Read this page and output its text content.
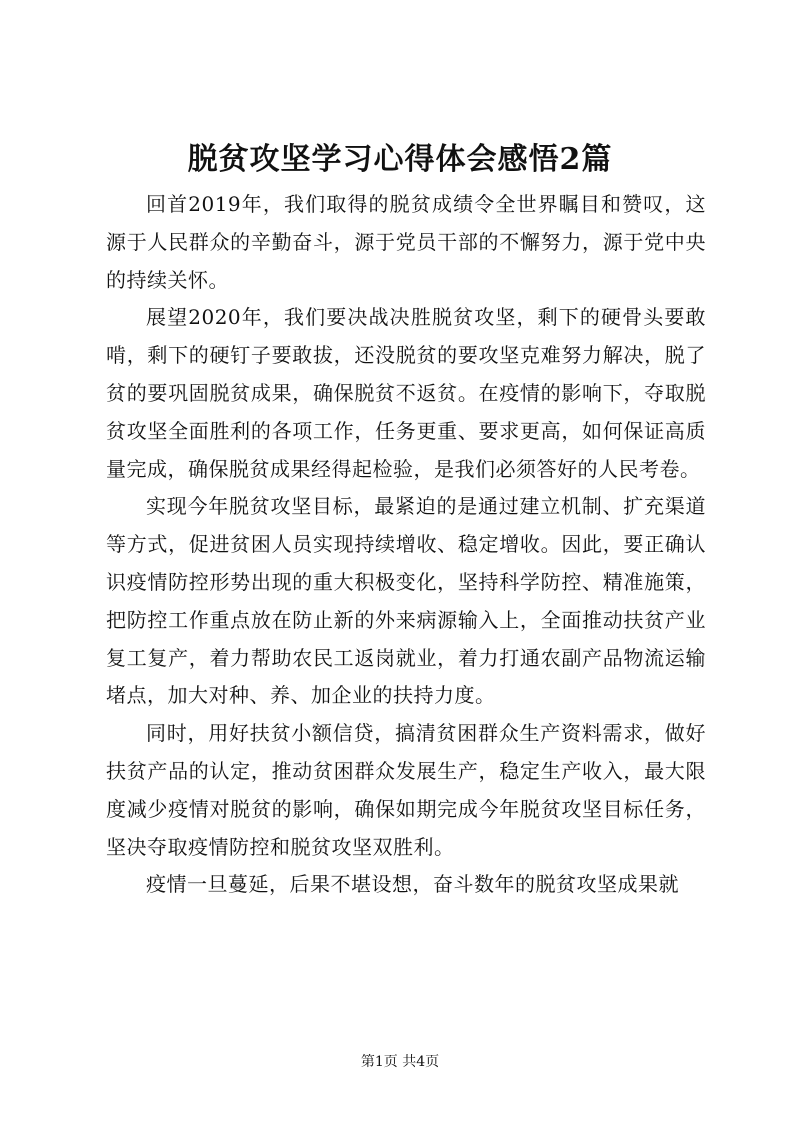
脱贫攻坚学习心得体会感悟2篇

回首2019年，我们取得的脱贫成绩令全世界瞩目和赞叹，这源于人民群众的辛勤奋斗，源于党员干部的不懈努力，源于党中央的持续关怀。

展望2020年，我们要决战决胜脱贫攻坚，剩下的硬骨头要敢啃，剩下的硬钉子要敢拔，还没脱贫的要攻坚克难努力解决，脱了贫的要巩固脱贫成果，确保脱贫不返贫。在疫情的影响下，夺取脱贫攻坚全面胜利的各项工作，任务更重、要求更高，如何保证高质量完成，确保脱贫成果经得起检验，是我们必须答好的人民考卷。

实现今年脱贫攻坚目标，最紧迫的是通过建立机制、扩充渠道等方式，促进贫困人员实现持续增收、稳定增收。因此，要正确认识疫情防控形势出现的重大积极变化，坚持科学防控、精准施策，把防控工作重点放在防止新的外来病源输入上，全面推动扶贫产业复工复产，着力帮助农民工返岗就业，着力打通农副产品物流运输堵点，加大对种、养、加企业的扶持力度。

同时，用好扶贫小额信贷，搞清贫困群众生产资料需求，做好扶贫产品的认定，推动贫困群众发展生产，稳定生产收入，最大限度减少疫情对脱贫的影响，确保如期完成今年脱贫攻坚目标任务，坚决夺取疫情防控和脱贫攻坚双胜利。

疫情一旦蔓延，后果不堪设想，奋斗数年的脱贫攻坚成果就

第1页 共4页
